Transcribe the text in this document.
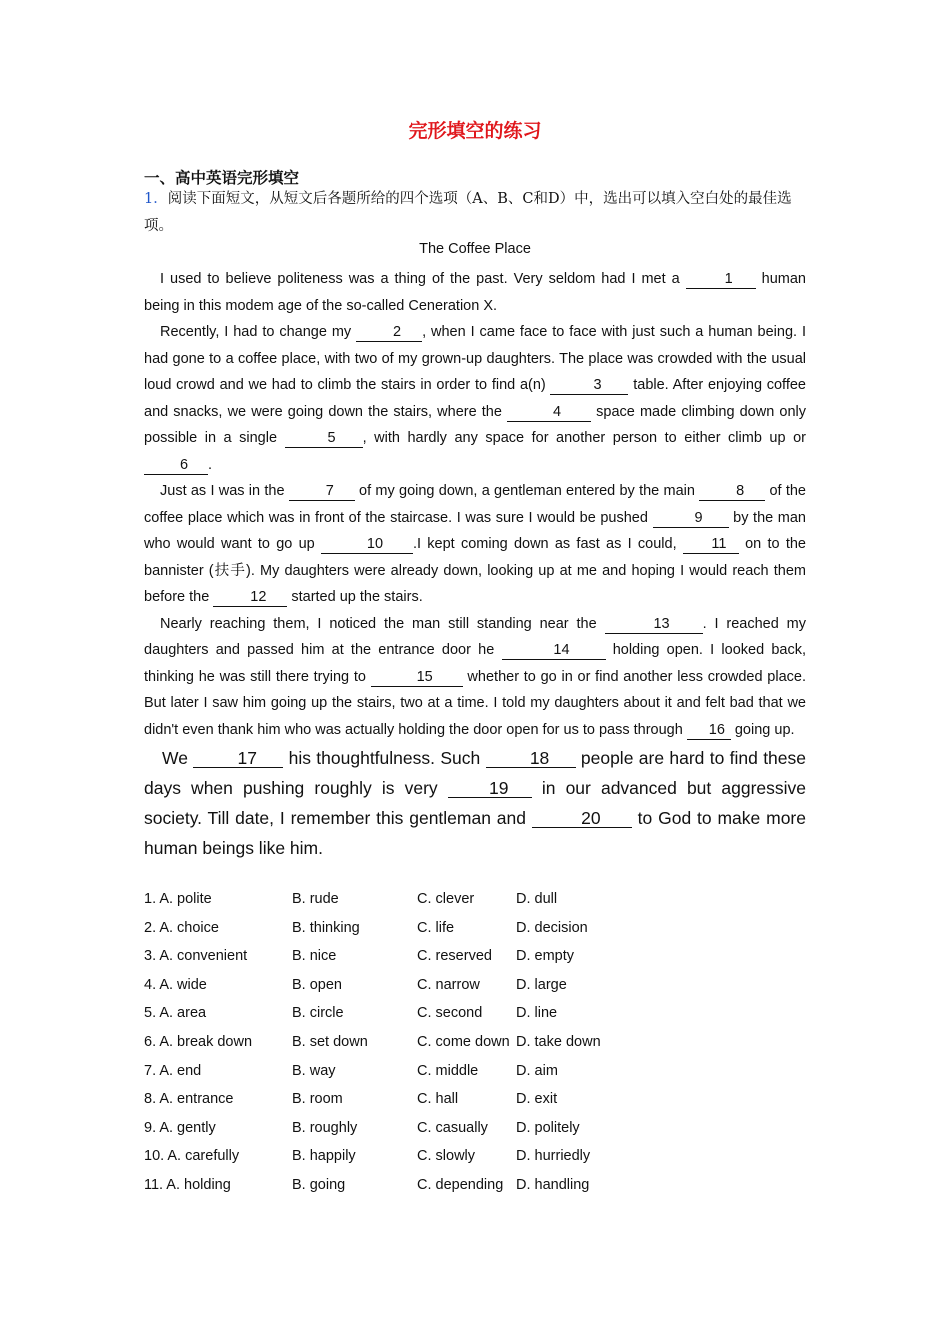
完形填空的练习
一、高中英语完形填空
1．阅读下面短文，从短文后各题所给的四个选项（A、B、C和D）中，选出可以填入空白处的最佳选项。
The Coffee Place

I used to believe politeness was a thing of the past. Very seldom had I met a	1 human being in this modem age of the so-called Ceneration X.

Recently, I had to change my	2 , when I came face to face with just such a human being. I had gone to a coffee place, with two of my grown-up daughters. The place was crowded with the usual loud crowd and we had to climb the stairs in order to find a(n)	3 table. After enjoying coffee and snacks, we were going down the stairs, where the	4 space made climbing down only possible in a single	5 , with hardly any space for another person to either climb up or 6 .

Just as I was in the	7 of my going down, a gentleman entered by the main	8 of the coffee place which was in front of the staircase. I was sure I would be pushed	9 by the man who would want to go up	10 .I kept coming down as fast as I could, 11 on to the bannister (扶手). My daughters were already down, looking up at me and hoping I would reach them before the	12 started up the stairs.

Nearly reaching them, I noticed the man still standing near the	13 . I reached my daughters and passed him at the entrance door he	14 holding open. I looked back, thinking he was still there trying to	15 whether to go in or find another less crowded place. But later I saw him going up the stairs, two at a time. I told my daughters about it and felt bad that we didn't even thank him who was actually holding the door open for us to pass through 16 going up.

We	17 his thoughtfulness. Such	18 people are hard to find these days when pushing roughly is very 19 in our advanced but aggressive society. Till date, I remember this gentleman and	20 to God to make more human beings like him.

1. A. polite	B. rude	C. clever	D. dull
2. A. choice	B. thinking	C. life	D. decision
3. A. convenient	B. nice	C. reserved D. empty
4. A. wide	B. open	C. narrow D. large
5. A. area	B. circle	C. second D. line
6. A. break down	B. set down	C. come down D. take down
7. A. end	B. way	C. middle	D. aim
8. A. entrance	B. room	C. hall	D. exit
9. A. gently	B. roughly	C. casually D. politely
10. A. carefully	B. happily	C. slowly	D. hurriedly
11. A. holding	B. going	C. depending D. handling
